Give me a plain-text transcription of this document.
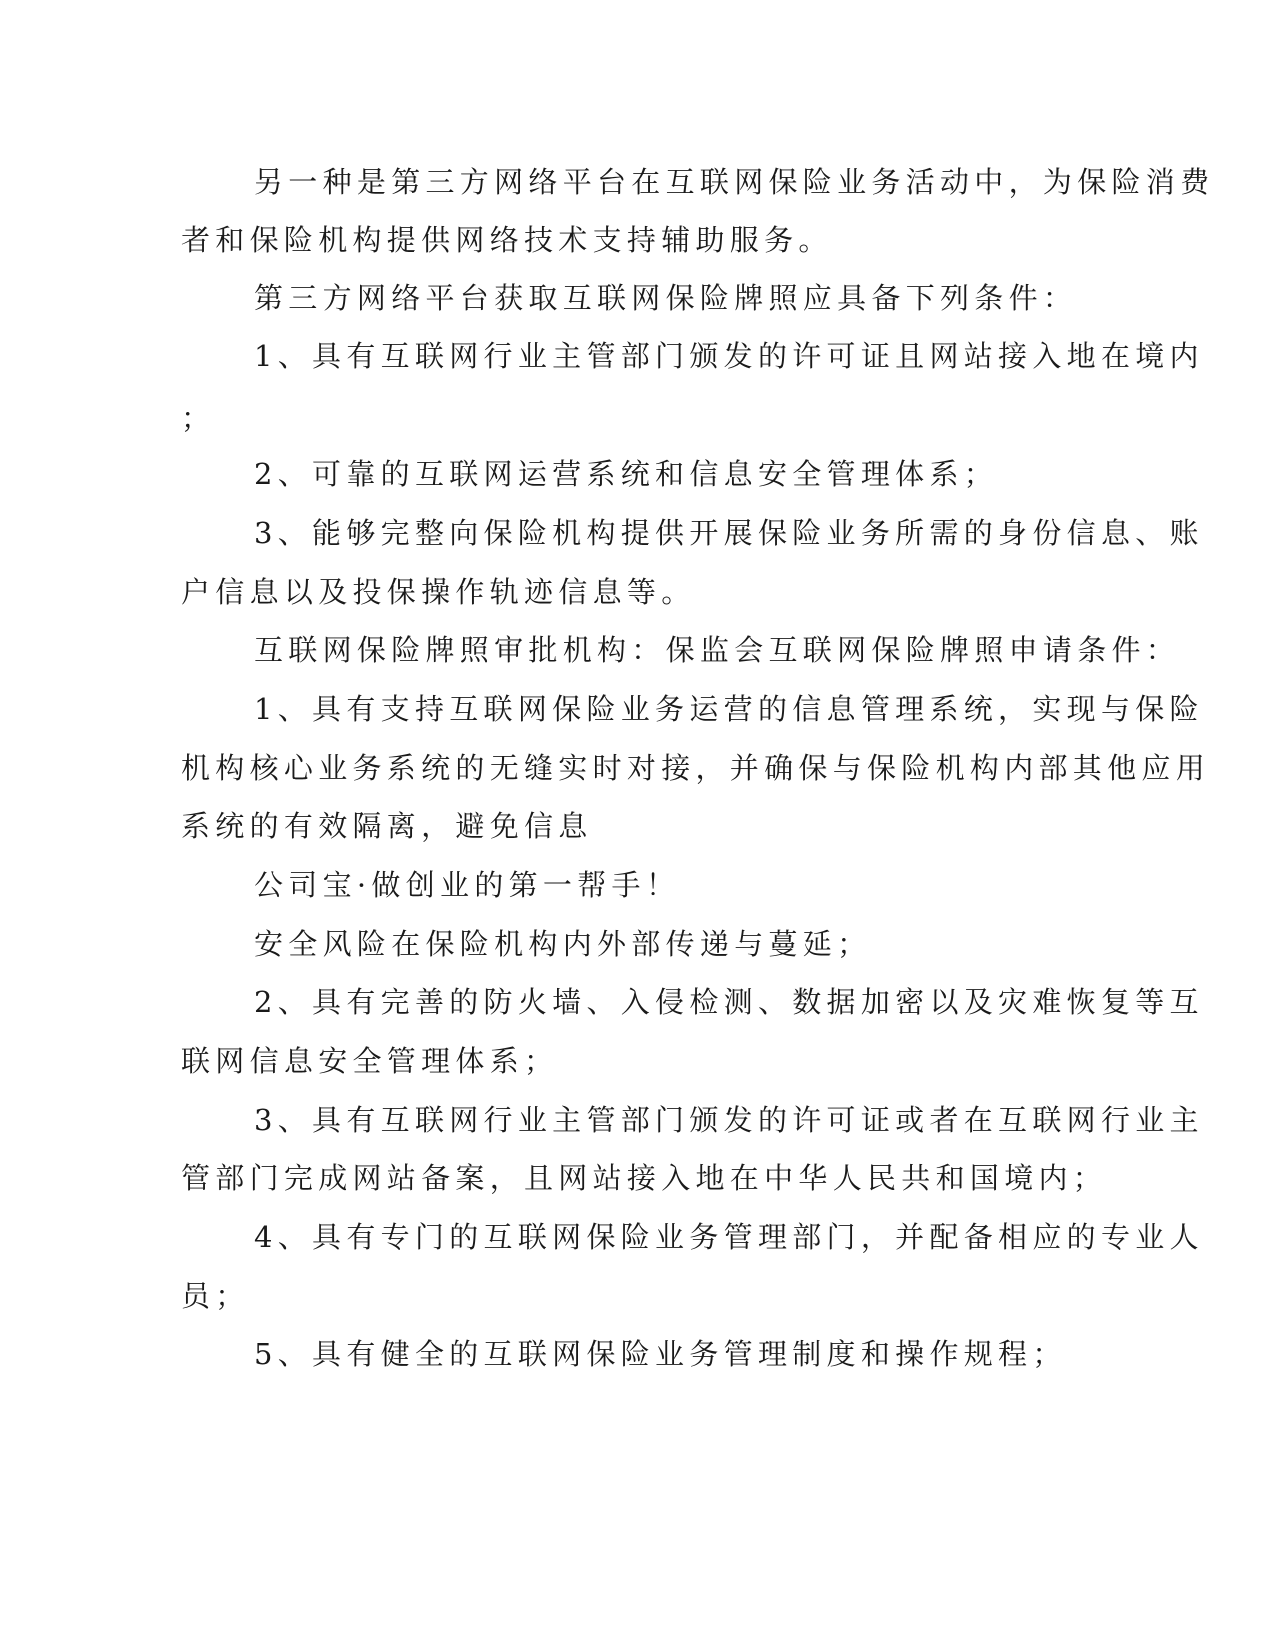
另一种是第三方网络平台在互联网保险业务活动中，为保险消费
者和保险机构提供网络技术支持辅助服务。
第三方网络平台获取互联网保险牌照应具备下列条件：
1、具有互联网行业主管部门颁发的许可证且网站接入地在境内
；
2、可靠的互联网运营系统和信息安全管理体系；
3、能够完整向保险机构提供开展保险业务所需的身份信息、账
户信息以及投保操作轨迹信息等。
互联网保险牌照审批机构：保监会互联网保险牌照申请条件：
1、具有支持互联网保险业务运营的信息管理系统，实现与保险
机构核心业务系统的无缝实时对接，并确保与保险机构内部其他应用
系统的有效隔离，避免信息
公司宝·做创业的第一帮手！
安全风险在保险机构内外部传递与蔓延；
2、具有完善的防火墙、入侵检测、数据加密以及灾难恢复等互
联网信息安全管理体系；
3、具有互联网行业主管部门颁发的许可证或者在互联网行业主
管部门完成网站备案，且网站接入地在中华人民共和国境内；
4、具有专门的互联网保险业务管理部门，并配备相应的专业人
员；
5、具有健全的互联网保险业务管理制度和操作规程；
